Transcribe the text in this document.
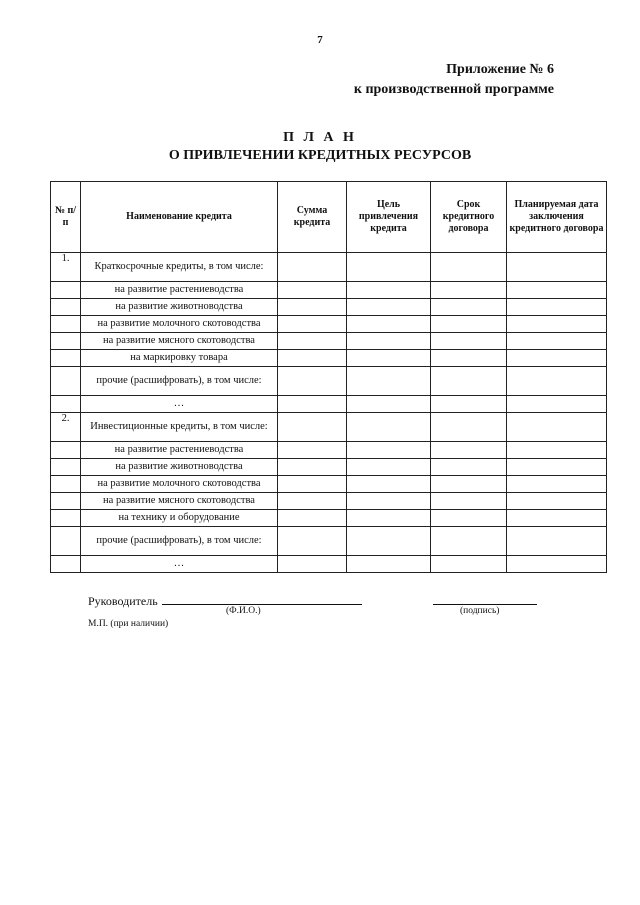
7
Приложение № 6
к производственной программе
П Л А Н
О ПРИВЛЕЧЕНИИ КРЕДИТНЫХ РЕСУРСОВ
№ п/п	Наименование кредита	Сумма кредита	Цель привлечения кредита	Срок кредитного договора	Планируемая дата заключения кредитного договора
1.	Краткосрочные кредиты, в том числе:				
	на развитие растениеводства				
	на развитие животноводства				
	на развитие молочного скотоводства				
	на развитие мясного скотоводства				
	на маркировку товара				
	прочие (расшифровать), в том числе:				
	…				
2.	Инвестиционные кредиты, в том числе:				
	на развитие растениеводства				
	на развитие животноводства				
	на развитие молочного скотоводства				
	на развитие мясного скотоводства				
	на технику и оборудование				
	прочие (расшифровать), в том числе:				
	…				
Руководитель
(Ф.И.О.)	(подпись)
М.П. (при наличии)
